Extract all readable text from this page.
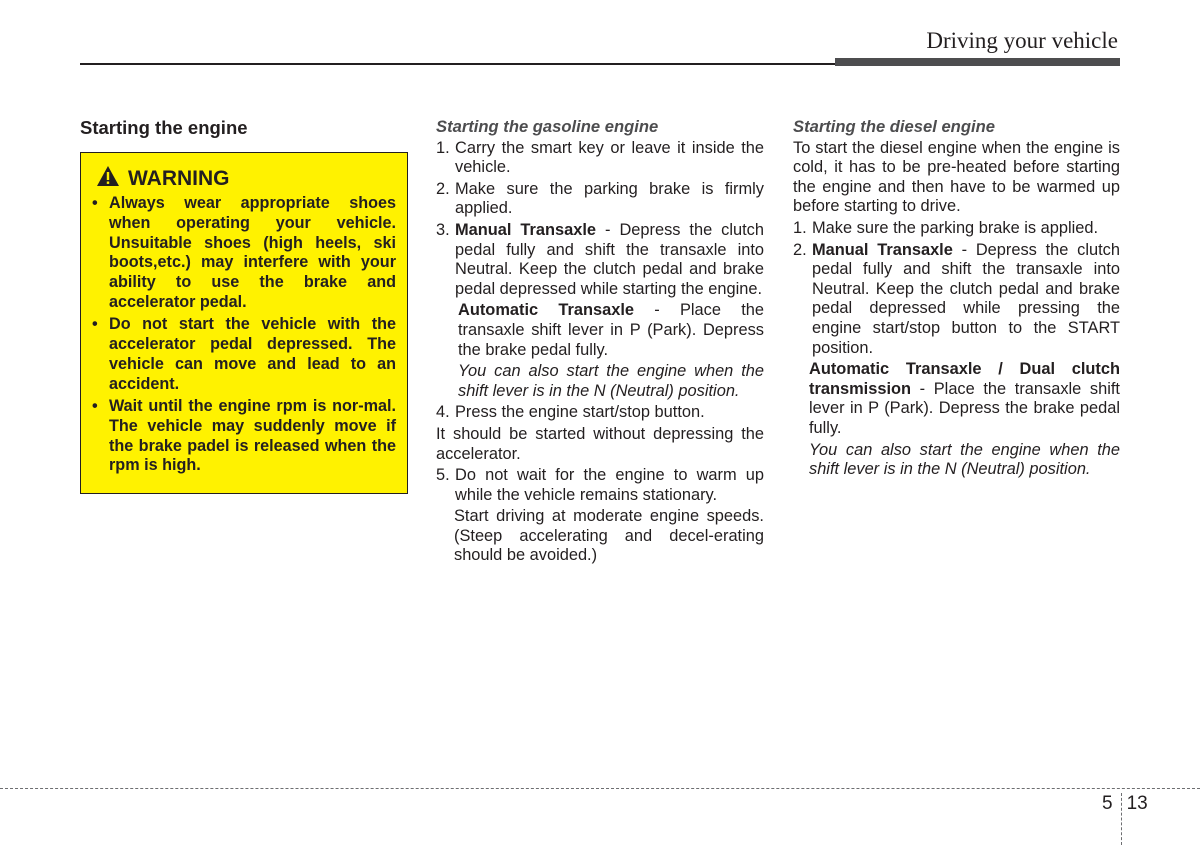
Driving your vehicle
Starting the engine
WARNING
• Always wear appropriate shoes when operating your vehicle. Unsuitable shoes (high heels, ski boots,etc.) may interfere with your ability to use the brake and accelerator pedal.
• Do not start the vehicle with the accelerator pedal depressed. The vehicle can move and lead to an accident.
• Wait until the engine rpm is nor-mal. The vehicle may suddenly move if the brake padel is released when the rpm is high.
Starting the gasoline engine
1. Carry the smart key or leave it inside the vehicle.
2. Make sure the parking brake is firmly applied.
3. Manual Transaxle - Depress the clutch pedal fully and shift the transaxle into Neutral. Keep the clutch pedal and brake pedal depressed while starting the engine.
Automatic Transaxle - Place the transaxle shift lever in P (Park). Depress the brake pedal fully.
You can also start the engine when the shift lever is in the N (Neutral) position.
4. Press the engine start/stop button.
It should be started without depressing the accelerator.
5. Do not wait for the engine to warm up while the vehicle remains stationary.
Start driving at moderate engine speeds. (Steep accelerating and decel-erating should be avoided.)
Starting the diesel engine
To start the diesel engine when the engine is cold, it has to be pre-heated before starting the engine and then have to be warmed up before starting to drive.
1. Make sure the parking brake is applied.
2. Manual Transaxle - Depress the clutch pedal fully and shift the transaxle into Neutral. Keep the clutch pedal and brake pedal depressed while pressing the engine start/stop button to the START position.
Automatic Transaxle / Dual clutch transmission - Place the transaxle shift lever in P (Park). Depress the brake pedal fully.
You can also start the engine when the shift lever is in the N (Neutral) position.
5 13
